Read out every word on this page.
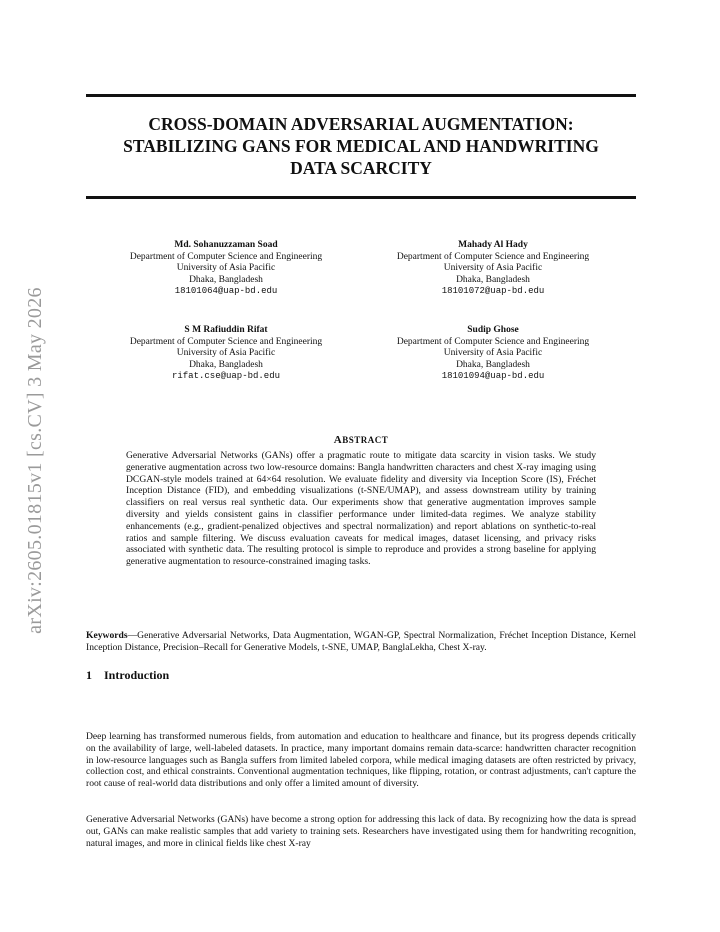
arXiv:2605.01815v1 [cs.CV] 3 May 2026
CROSS-DOMAIN ADVERSARIAL AUGMENTATION:
STABILIZING GANS FOR MEDICAL AND HANDWRITING
DATA SCARCITY
Md. Sohanuzzaman Soad
Department of Computer Science and Engineering
University of Asia Pacific
Dhaka, Bangladesh
18101064@uap-bd.edu
Mahady Al Hady
Department of Computer Science and Engineering
University of Asia Pacific
Dhaka, Bangladesh
18101072@uap-bd.edu
S M Rafiuddin Rifat
Department of Computer Science and Engineering
University of Asia Pacific
Dhaka, Bangladesh
rifat.cse@uap-bd.edu
Sudip Ghose
Department of Computer Science and Engineering
University of Asia Pacific
Dhaka, Bangladesh
18101094@uap-bd.edu
ABSTRACT
Generative Adversarial Networks (GANs) offer a pragmatic route to mitigate data scarcity in vision tasks. We study generative augmentation across two low-resource domains: Bangla handwritten characters and chest X-ray imaging using DCGAN-style models trained at 64×64 resolution. We evaluate fidelity and diversity via Inception Score (IS), Fréchet Inception Distance (FID), and embedding visualizations (t-SNE/UMAP), and assess downstream utility by training classifiers on real versus real synthetic data. Our experiments show that generative augmentation improves sample diversity and yields consistent gains in classifier performance under limited-data regimes. We analyze stability enhancements (e.g., gradient-penalized objectives and spectral normalization) and report ablations on synthetic-to-real ratios and sample filtering. We discuss evaluation caveats for medical images, dataset licensing, and privacy risks associated with synthetic data. The resulting protocol is simple to reproduce and provides a strong baseline for applying generative augmentation to resource-constrained imaging tasks.
Keywords—Generative Adversarial Networks, Data Augmentation, WGAN-GP, Spectral Normalization, Fréchet Inception Distance, Kernel Inception Distance, Precision–Recall for Generative Models, t-SNE, UMAP, BanglaLekha, Chest X-ray.
1 Introduction
Deep learning has transformed numerous fields, from automation and education to healthcare and finance, but its progress depends critically on the availability of large, well-labeled datasets. In practice, many important domains remain data-scarce: handwritten character recognition in low-resource languages such as Bangla suffers from limited labeled corpora, while medical imaging datasets are often restricted by privacy, collection cost, and ethical constraints. Conventional augmentation techniques, like flipping, rotation, or contrast adjustments, can't capture the root cause of real-world data distributions and only offer a limited amount of diversity.
Generative Adversarial Networks (GANs) have become a strong option for addressing this lack of data. By recognizing how the data is spread out, GANs can make realistic samples that add variety to training sets. Researchers have investigated using them for handwriting recognition, natural images, and more in clinical fields like chest X-ray
